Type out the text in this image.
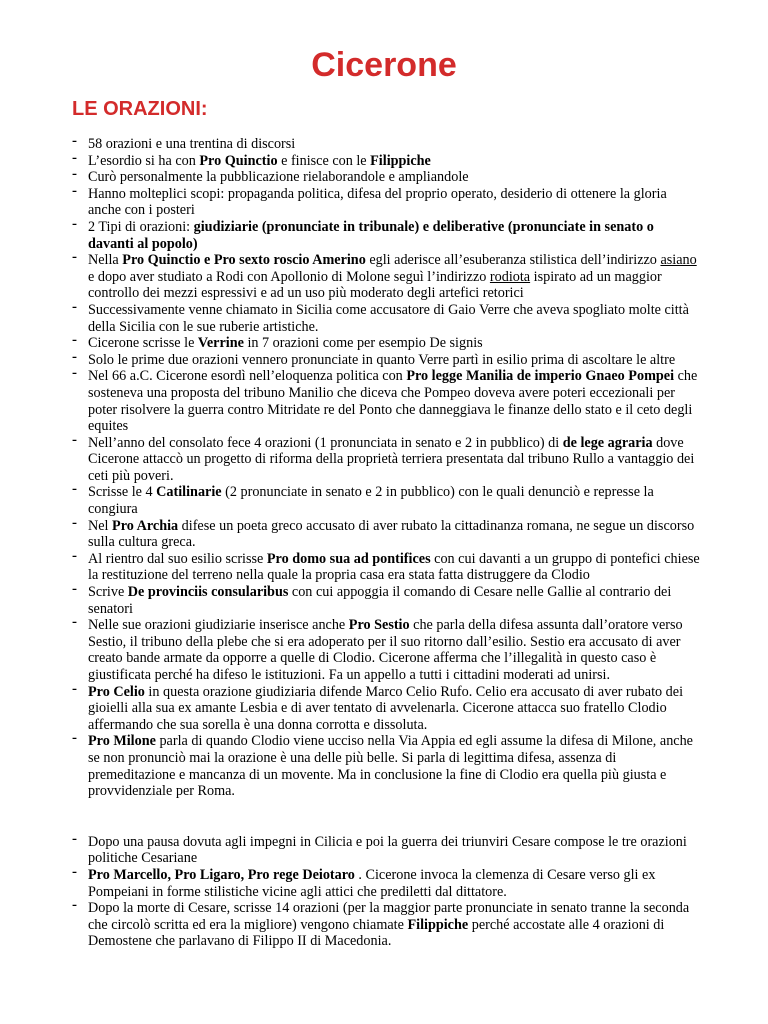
Cicerone
LE ORAZIONI:
- 58 orazioni e una trentina di discorsi
- L’esordio si ha con Pro Quinctio e finisce con le Filippiche
- Curò personalmente la pubblicazione rielaborandole e ampliandole
- Hanno molteplici scopi: propaganda politica, difesa del proprio operato, desiderio di ottenere la gloria anche con i posteri
- 2 Tipi di orazioni: giudiziarie (pronunciate in tribunale) e deliberative (pronunciate in senato o davanti al popolo)
- Nella Pro Quinctio e Pro sexto roscio Amerino egli aderisce all’esuberanza stilistica dell’indirizzo asiano e dopo aver studiato a Rodi con Apollonio di Molone seguì l’indirizzo rodiota ispirato ad un maggior controllo dei mezzi espressivi e ad un uso più moderato degli artefici retorici
- Successivamente venne chiamato in Sicilia come accusatore di Gaio Verre che aveva spogliato molte città della Sicilia con le sue ruberie artistiche.
- Cicerone scrisse le Verrine in 7 orazioni come per esempio De signis
- Solo le prime due orazioni vennero pronunciate in quanto Verre partì in esilio prima di ascoltare le altre
- Nel 66 a.C. Cicerone esordì nell’eloquenza politica con Pro legge Manilia de imperio Gnaeo Pompei che sosteneva una proposta del tribuno Manilio che diceva che Pompeo doveva avere poteri eccezionali per poter risolvere la guerra contro Mitridate re del Ponto che danneggiava le finanze dello stato e il ceto degli equites
- Nell’anno del consolato fece 4 orazioni (1 pronunciata in senato e 2 in pubblico) di de lege agraria dove Cicerone attaccò un progetto di riforma della proprietà terriera presentata dal tribuno Rullo a vantaggio dei ceti più poveri.
- Scrisse le 4 Catilinarie (2 pronunciate in senato e 2 in pubblico) con le quali denunciò e represse la congiura
- Nel Pro Archia difese un poeta greco accusato di aver rubato la cittadinanza romana, ne segue un discorso sulla cultura greca.
- Al rientro dal suo esilio scrisse Pro domo sua ad pontifices con cui davanti a un gruppo di pontefici chiese la restituzione del terreno nella quale la propria casa era stata fatta distruggere da Clodio
- Scrive De provinciis consularibus con cui appoggia il comando di Cesare nelle Gallie al contrario dei senatori
- Nelle sue orazioni giudiziarie inserisce anche Pro Sestio che parla della difesa assunta dall’oratore verso Sestio, il tribuno della plebe che si era adoperato per il suo ritorno dall’esilio. Sestio era accusato di aver creato bande armate da opporre a quelle di Clodio. Cicerone afferma che l’illegalità in questo caso è giustificata perché ha difeso le istituzioni. Fa un appello a tutti i cittadini moderati ad unirsi.
- Pro Celio in questa orazione giudiziaria difende Marco Celio Rufo. Celio era accusato di aver rubato dei gioielli alla sua ex amante Lesbia e di aver tentato di avvelenarla. Cicerone attacca suo fratello Clodio affermando che sua sorella è una donna corrotta e dissoluta.
- Pro Milone parla di quando Clodio viene ucciso nella Via Appia ed egli assume la difesa di Milone, anche se non pronunciò mai la orazione è una delle più belle. Si parla di legittima difesa, assenza di premeditazione e mancanza di un movente. Ma in conclusione la fine di Clodio era quella più giusta e provvidenziale per Roma.
- Dopo una pausa dovuta agli impegni in Cilicia e poi la guerra dei triunviri Cesare compose le tre orazioni politiche Cesariane
- Pro Marcello, Pro Ligaro, Pro rege Deiotaro . Cicerone invoca la clemenza di Cesare verso gli ex Pompeiani in forme stilistiche vicine agli attici che prediletti dal dittatore.
- Dopo la morte di Cesare, scrisse 14 orazioni (per la maggior parte pronunciate in senato tranne la seconda che circolò scritta ed era la migliore) vengono chiamate Filippiche perché accostate alle 4 orazioni di Demostene che parlavano di Filippo II di Macedonia.
